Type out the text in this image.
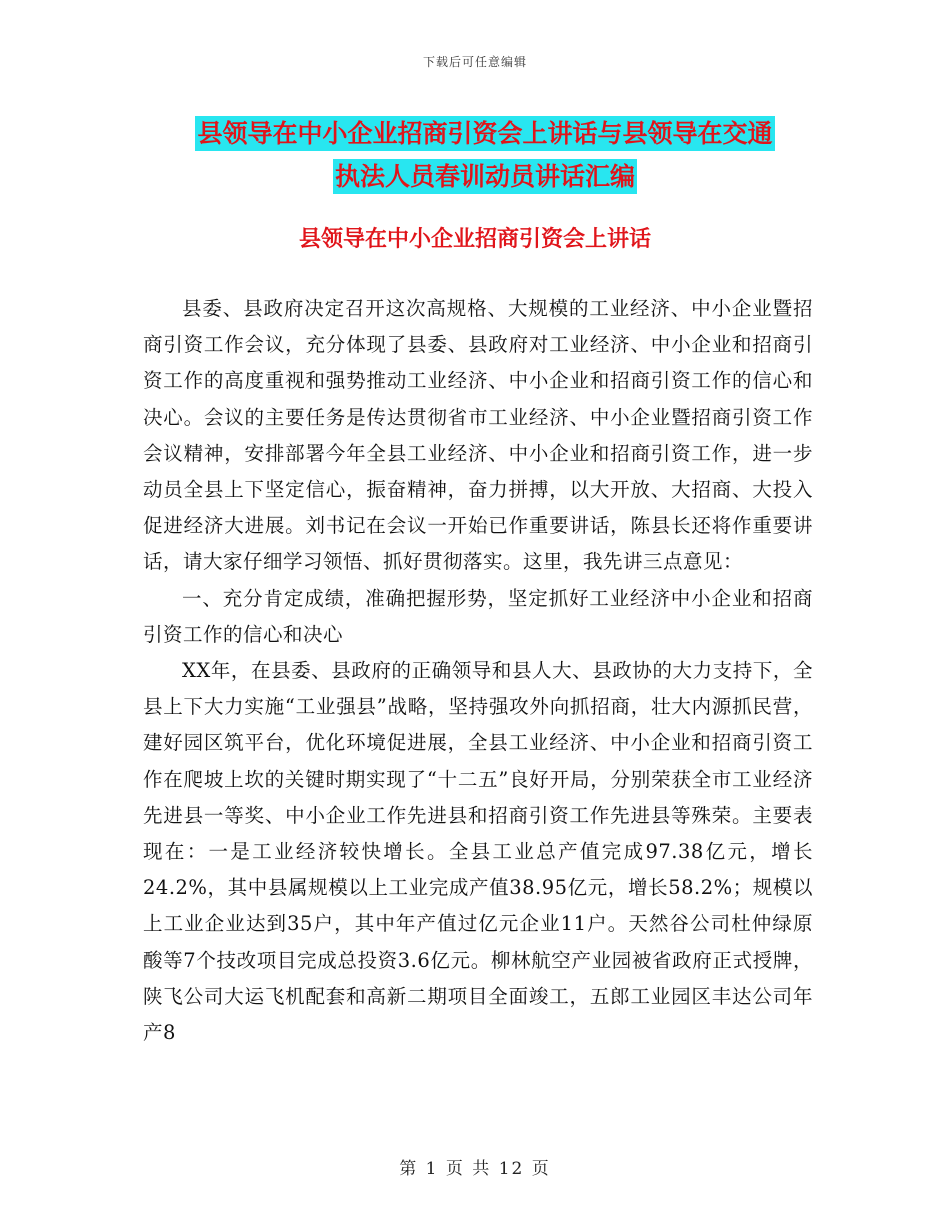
下载后可任意编辑
县领导在中小企业招商引资会上讲话与县领导在交通
执法人员春训动员讲话汇编
县领导在中小企业招商引资会上讲话

县委、县政府决定召开这次高规格、大规模的工业经济、中小企业暨招商引资工作会议，充分体现了县委、县政府对工业经济、中小企业和招商引资工作的高度重视和强势推动工业经济、中小企业和招商引资工作的信心和决心。会议的主要任务是传达贯彻省市工业经济、中小企业暨招商引资工作会议精神，安排部署今年全县工业经济、中小企业和招商引资工作，进一步动员全县上下坚定信心，振奋精神，奋力拼搏，以大开放、大招商、大投入促进经济大进展。刘书记在会议一开始已作重要讲话，陈县长还将作重要讲话，请大家仔细学习领悟、抓好贯彻落实。这里，我先讲三点意见：

一、充分肯定成绩，准确把握形势，坚定抓好工业经济中小企业和招商引资工作的信心和决心

XX年，在县委、县政府的正确领导和县人大、县政协的大力支持下，全县上下大力实施“工业强县”战略，坚持强攻外向抓招商，壮大内源抓民营，建好园区筑平台，优化环境促进展，全县工业经济、中小企业和招商引资工作在爬坡上坎的关键时期实现了“十二五”良好开局，分别荣获全市工业经济先进县一等奖、中小企业工作先进县和招商引资工作先进县等殊荣。主要表现在：一是工业经济较快增长。全县工业总产值完成97.38亿元，增长24.2%，其中县属规模以上工业完成产值38.95亿元，增长58.2%；规模以上工业企业达到35户，其中年产值过亿元企业11户。天然谷公司杜仲绿原酸等7个技改项目完成总投资3.6亿元。柳林航空产业园被省政府正式授牌，陕飞公司大运飞机配套和高新二期项目全面竣工，五郎工业园区丰达公司年产8

第 1 页 共 12 页
